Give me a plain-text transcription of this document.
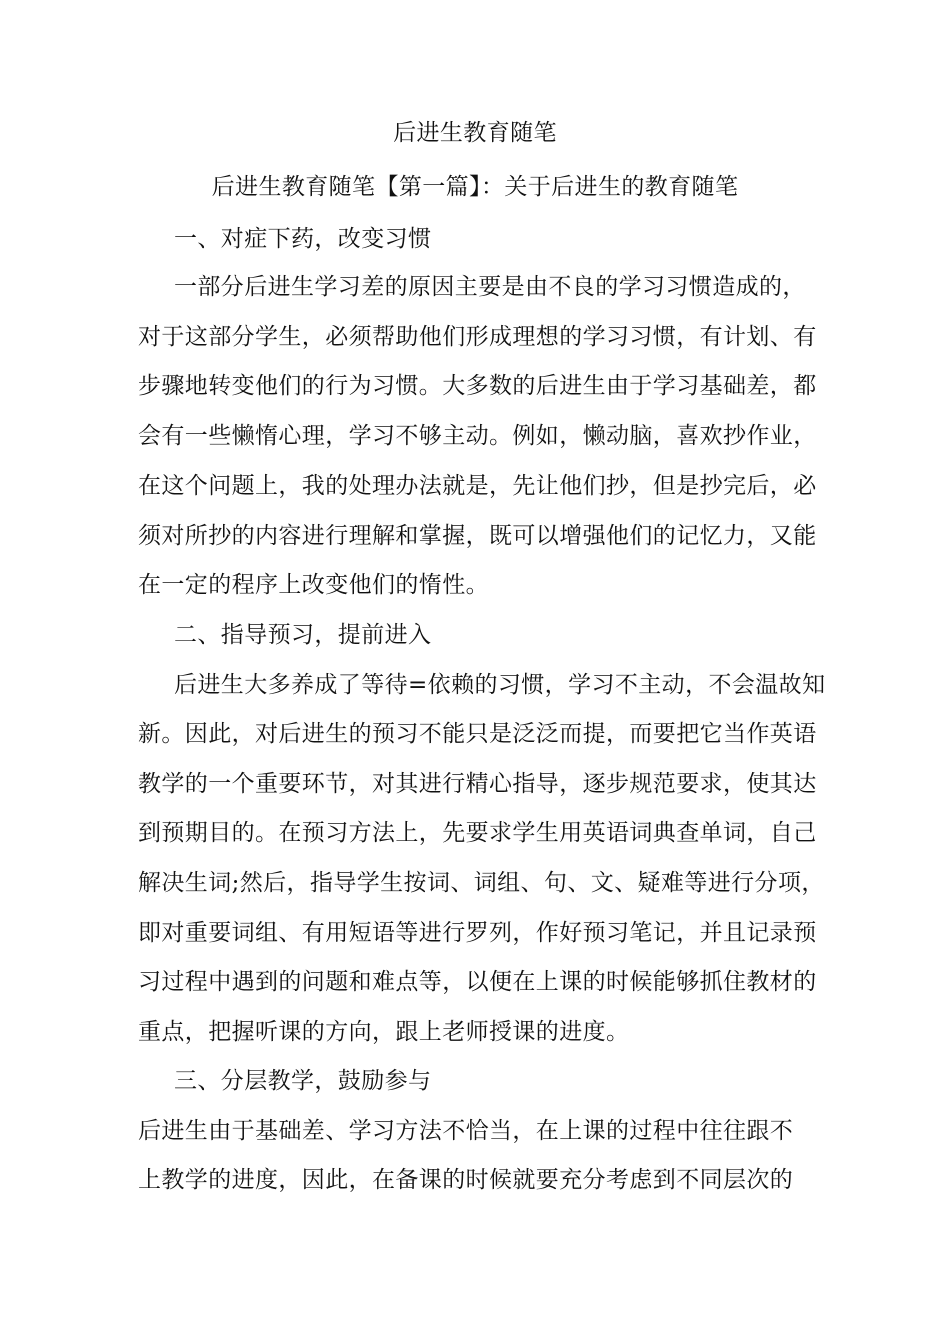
后进生教育随笔
后进生教育随笔【第一篇】：关于后进生的教育随笔
一、对症下药，改变习惯
一部分后进生学习差的原因主要是由不良的学习习惯造成的，
对于这部分学生，必须帮助他们形成理想的学习习惯，有计划、有
步骤地转变他们的行为习惯。大多数的后进生由于学习基础差，都
会有一些懒惰心理，学习不够主动。例如，懒动脑，喜欢抄作业，
在这个问题上，我的处理办法就是，先让他们抄，但是抄完后，必
须对所抄的内容进行理解和掌握，既可以增强他们的记忆力，又能
在一定的程序上改变他们的惰性。
二、指导预习，提前进入
后进生大多养成了等待=依赖的习惯，学习不主动，不会温故知
新。因此，对后进生的预习不能只是泛泛而提，而要把它当作英语
教学的一个重要环节，对其进行精心指导，逐步规范要求，使其达
到预期目的。在预习方法上，先要求学生用英语词典查单词，自己
解决生词;然后，指导学生按词、词组、句、文、疑难等进行分项，
即对重要词组、有用短语等进行罗列，作好预习笔记，并且记录预
习过程中遇到的问题和难点等，以便在上课的时候能够抓住教材的
重点，把握听课的方向，跟上老师授课的进度。
三、分层教学，鼓励参与
后进生由于基础差、学习方法不恰当，在上课的过程中往往跟不
上教学的进度，因此，在备课的时候就要充分考虑到不同层次的
